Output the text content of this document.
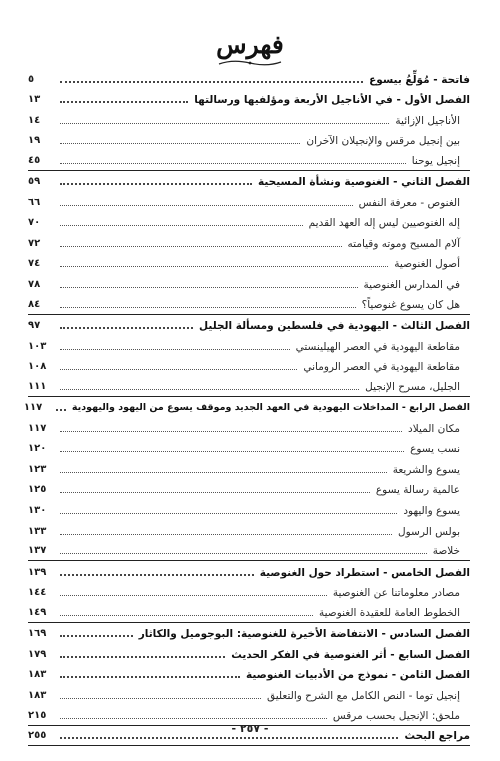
فهرس
فاتحة - مُوَلِّعُ بيسوع
٥
الفصل الأول - في الأناجيل الأربعة ومؤلفيها ورسالتها
١٣
الأناجيل الإزائية
١٤
بين إنجيل مرقس والإنجيلان الآخران
١٩
إنجيل يوحنا
٤٥
الفصل الثاني - الغنوصية ونشأة المسيحية
٥٩
الغنوص - معرفة النفس
٦٦
إله الغنوصيين ليس إله العهد القديم
٧٠
آلام المسيح وموته وقيامته
٧٢
أصول الغنوصية
٧٤
في المدارس الغنوصية
٧٨
هل كان يسوع غنوصياً؟
٨٤
الفصل الثالث - اليهودية في فلسطين ومسألة الجليل
٩٧
مقاطعة اليهودية في العصر الهيلينستي
١٠٣
مقاطعة اليهودية في العصر الروماني
١٠٨
الجليل، مسرح الإنجيل
١١١
الفصل الرابع - المداخلات اليهودية في العهد الجديد وموقف يسوع من اليهود واليهودية
١١٧
مكان الميلاد
١١٧
نسب يسوع
١٢٠
يسوع والشريعة
١٢٣
عالمية رسالة يسوع
١٢٥
يسوع واليهود
١٣٠
بولس الرسول
١٣٣
خلاصة
١٣٧
الفصل الخامس - استطراد حول الغنوصية
١٣٩
مصادر معلوماتنا عن الغنوصية
١٤٤
الخطوط العامة للعقيدة الغنوصية
١٤٩
الفصل السادس - الانتفاضة الأخيرة للغنوصية: البوجوميل والكاثار
١٦٩
الفصل السابع - أثر الغنوصية في الفكر الحديث
١٧٩
الفصل الثامن - نموذج من الأدبيات الغنوصية
١٨٣
إنجيل توما - النص الكامل مع الشرح والتعليق
١٨٣
ملحق: الإنجيل بحسب مرقس
٢١٥
مراجع البحث
٢٥٥
- ٢٥٧ -
